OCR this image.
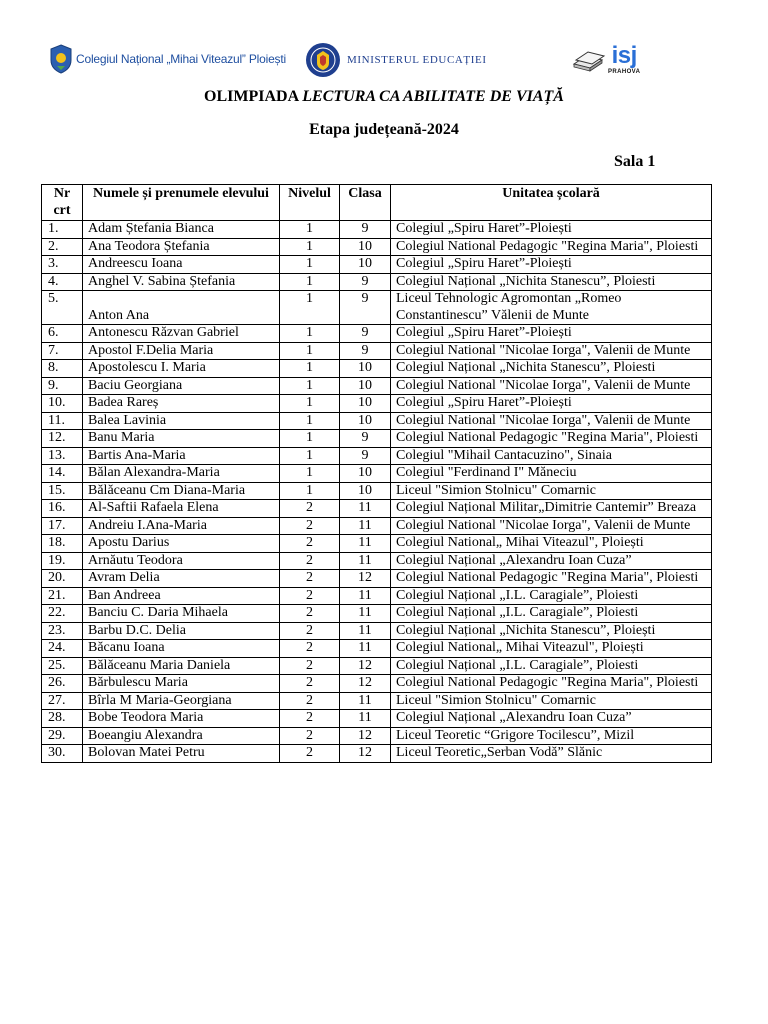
Colegiul Național „Mihai Viteazul” Ploiești	MINISTERUL EDUCAȚIEI	isj
PRAHOVA
OLIMPIADA LECTURA CA ABILITATE DE VIAȚĂ
Etapa județeană-2024
Sala 1
Nr crt	Numele și prenumele elevului	Nivelul	Clasa	Unitatea școlară
1.	Adam Ștefania Bianca	1	9	Colegiul „Spiru Haret”-Ploiești
2.	Ana Teodora Ștefania	1	10	Colegiul National Pedagogic "Regina Maria", Ploiesti
3.	Andreescu Ioana	1	10	Colegiul „Spiru Haret”-Ploiești
4.	Anghel V. Sabina Ștefania	1	9	Colegiul Național „Nichita Stanescu”, Ploiesti
5.	Anton Ana	1	9	Liceul Tehnologic Agromontan „Romeo Constantinescu” Vălenii de Munte
6.	Antonescu Răzvan Gabriel	1	9	Colegiul „Spiru Haret”-Ploiești
7.	Apostol F.Delia Maria	1	9	Colegiul National "Nicolae Iorga", Valenii de Munte
8.	Apostolescu I. Maria	1	10	Colegiul Național „Nichita Stanescu”, Ploiesti
9.	Baciu Georgiana	1	10	Colegiul National "Nicolae Iorga", Valenii de Munte
10.	Badea Rareș	1	10	Colegiul „Spiru Haret”-Ploiești
11.	Balea Lavinia	1	10	Colegiul National "Nicolae Iorga", Valenii de Munte
12.	Banu Maria	1	9	Colegiul National Pedagogic "Regina Maria", Ploiesti
13.	Bartis Ana-Maria	1	9	Colegiul "Mihail Cantacuzino", Sinaia
14.	Bălan Alexandra-Maria	1	10	Colegiul "Ferdinand I" Măneciu
15.	Bălăceanu Cm Diana-Maria	1	10	Liceul "Simion Stolnicu" Comarnic
16.	Al-Saftii Rafaela Elena	2	11	Colegiul Național Militar„Dimitrie Cantemir” Breaza
17.	Andreiu I.Ana-Maria	2	11	Colegiul National "Nicolae Iorga", Valenii de Munte
18.	Apostu Darius	2	11	Colegiul National„ Mihai Viteazul", Ploiești
19.	Arnăutu Teodora	2	11	Colegiul Național „Alexandru Ioan Cuza”
20.	Avram Delia	2	12	Colegiul National Pedagogic "Regina Maria", Ploiesti
21.	Ban Andreea	2	11	Colegiul Național „I.L. Caragiale”, Ploiesti
22.	Banciu C. Daria Mihaela	2	11	Colegiul Național „I.L. Caragiale”, Ploiesti
23.	Barbu D.C. Delia	2	11	Colegiul Național „Nichita Stanescu”, Ploiești
24.	Băcanu Ioana	2	11	Colegiul National„ Mihai Viteazul", Ploiești
25.	Bălăceanu Maria Daniela	2	12	Colegiul Național „I.L. Caragiale”, Ploiesti
26.	Bărbulescu Maria	2	12	Colegiul National Pedagogic "Regina Maria", Ploiesti
27.	Bîrla M Maria-Georgiana	2	11	Liceul "Simion Stolnicu" Comarnic
28.	Bobe Teodora Maria	2	11	Colegiul Național „Alexandru Ioan Cuza”
29.	Boeangiu Alexandra	2	12	Liceul Teoretic “Grigore Tocilescu”, Mizil
30.	Bolovan Matei Petru	2	12	Liceul Teoretic„Serban Vodă” Slănic
